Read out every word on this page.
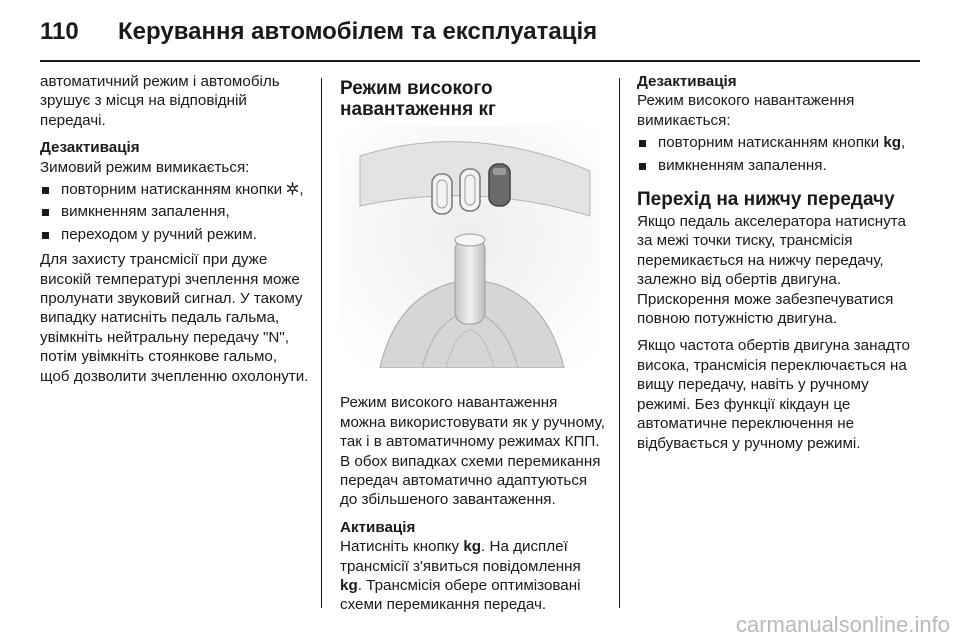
110 Керування автомобілем та експлуатація

автоматичний режим і автомобіль зрушує з місця на відповідній передачі.

Дезактивація

Зимовий режим вимикається:

повторним натисканням кнопки ,
вимкненням запалення,
переходом у ручний режим.

Для захисту трансмісії при дуже високій температурі зчеплення може пролунати звуковий сигнал. У такому випадку натисніть педаль гальма, увімкніть нейтральну передачу "N", потім увімкніть стоянкове гальмо, щоб дозволити зчепленню охолонути.

Режим високого навантаження кг

Режим високого навантаження можна використовувати як у ручному, так і в автоматичному режимах КПП. В обох випадках схеми перемикання передач автоматично адаптуються до збільшеного завантаження.

Активація

Натисніть кнопку kg. На дисплеї трансмісії з'явиться повідомлення kg. Трансмісія оберe оптимізовані схеми перемикання передач.

Дезактивація

Режим високого навантаження вимикається:

повторним натисканням кнопки kg,
вимкненням запалення.
Перехід на нижчу передачу

Якщо педаль акселератора натиснута за межі точки тиску, трансмісія перемикається на нижчу передачу, залежно від обертів двигуна. Прискорення може забезпечуватися повною потужністю двигуна.

Якщо частота обертів двигуна занадто висока, трансмісія переключається на вищу передачу, навіть у ручному режимі. Без функції кікдаун це автоматичне переключення не відбувається у ручному режимі.

carmanualsonline.info
